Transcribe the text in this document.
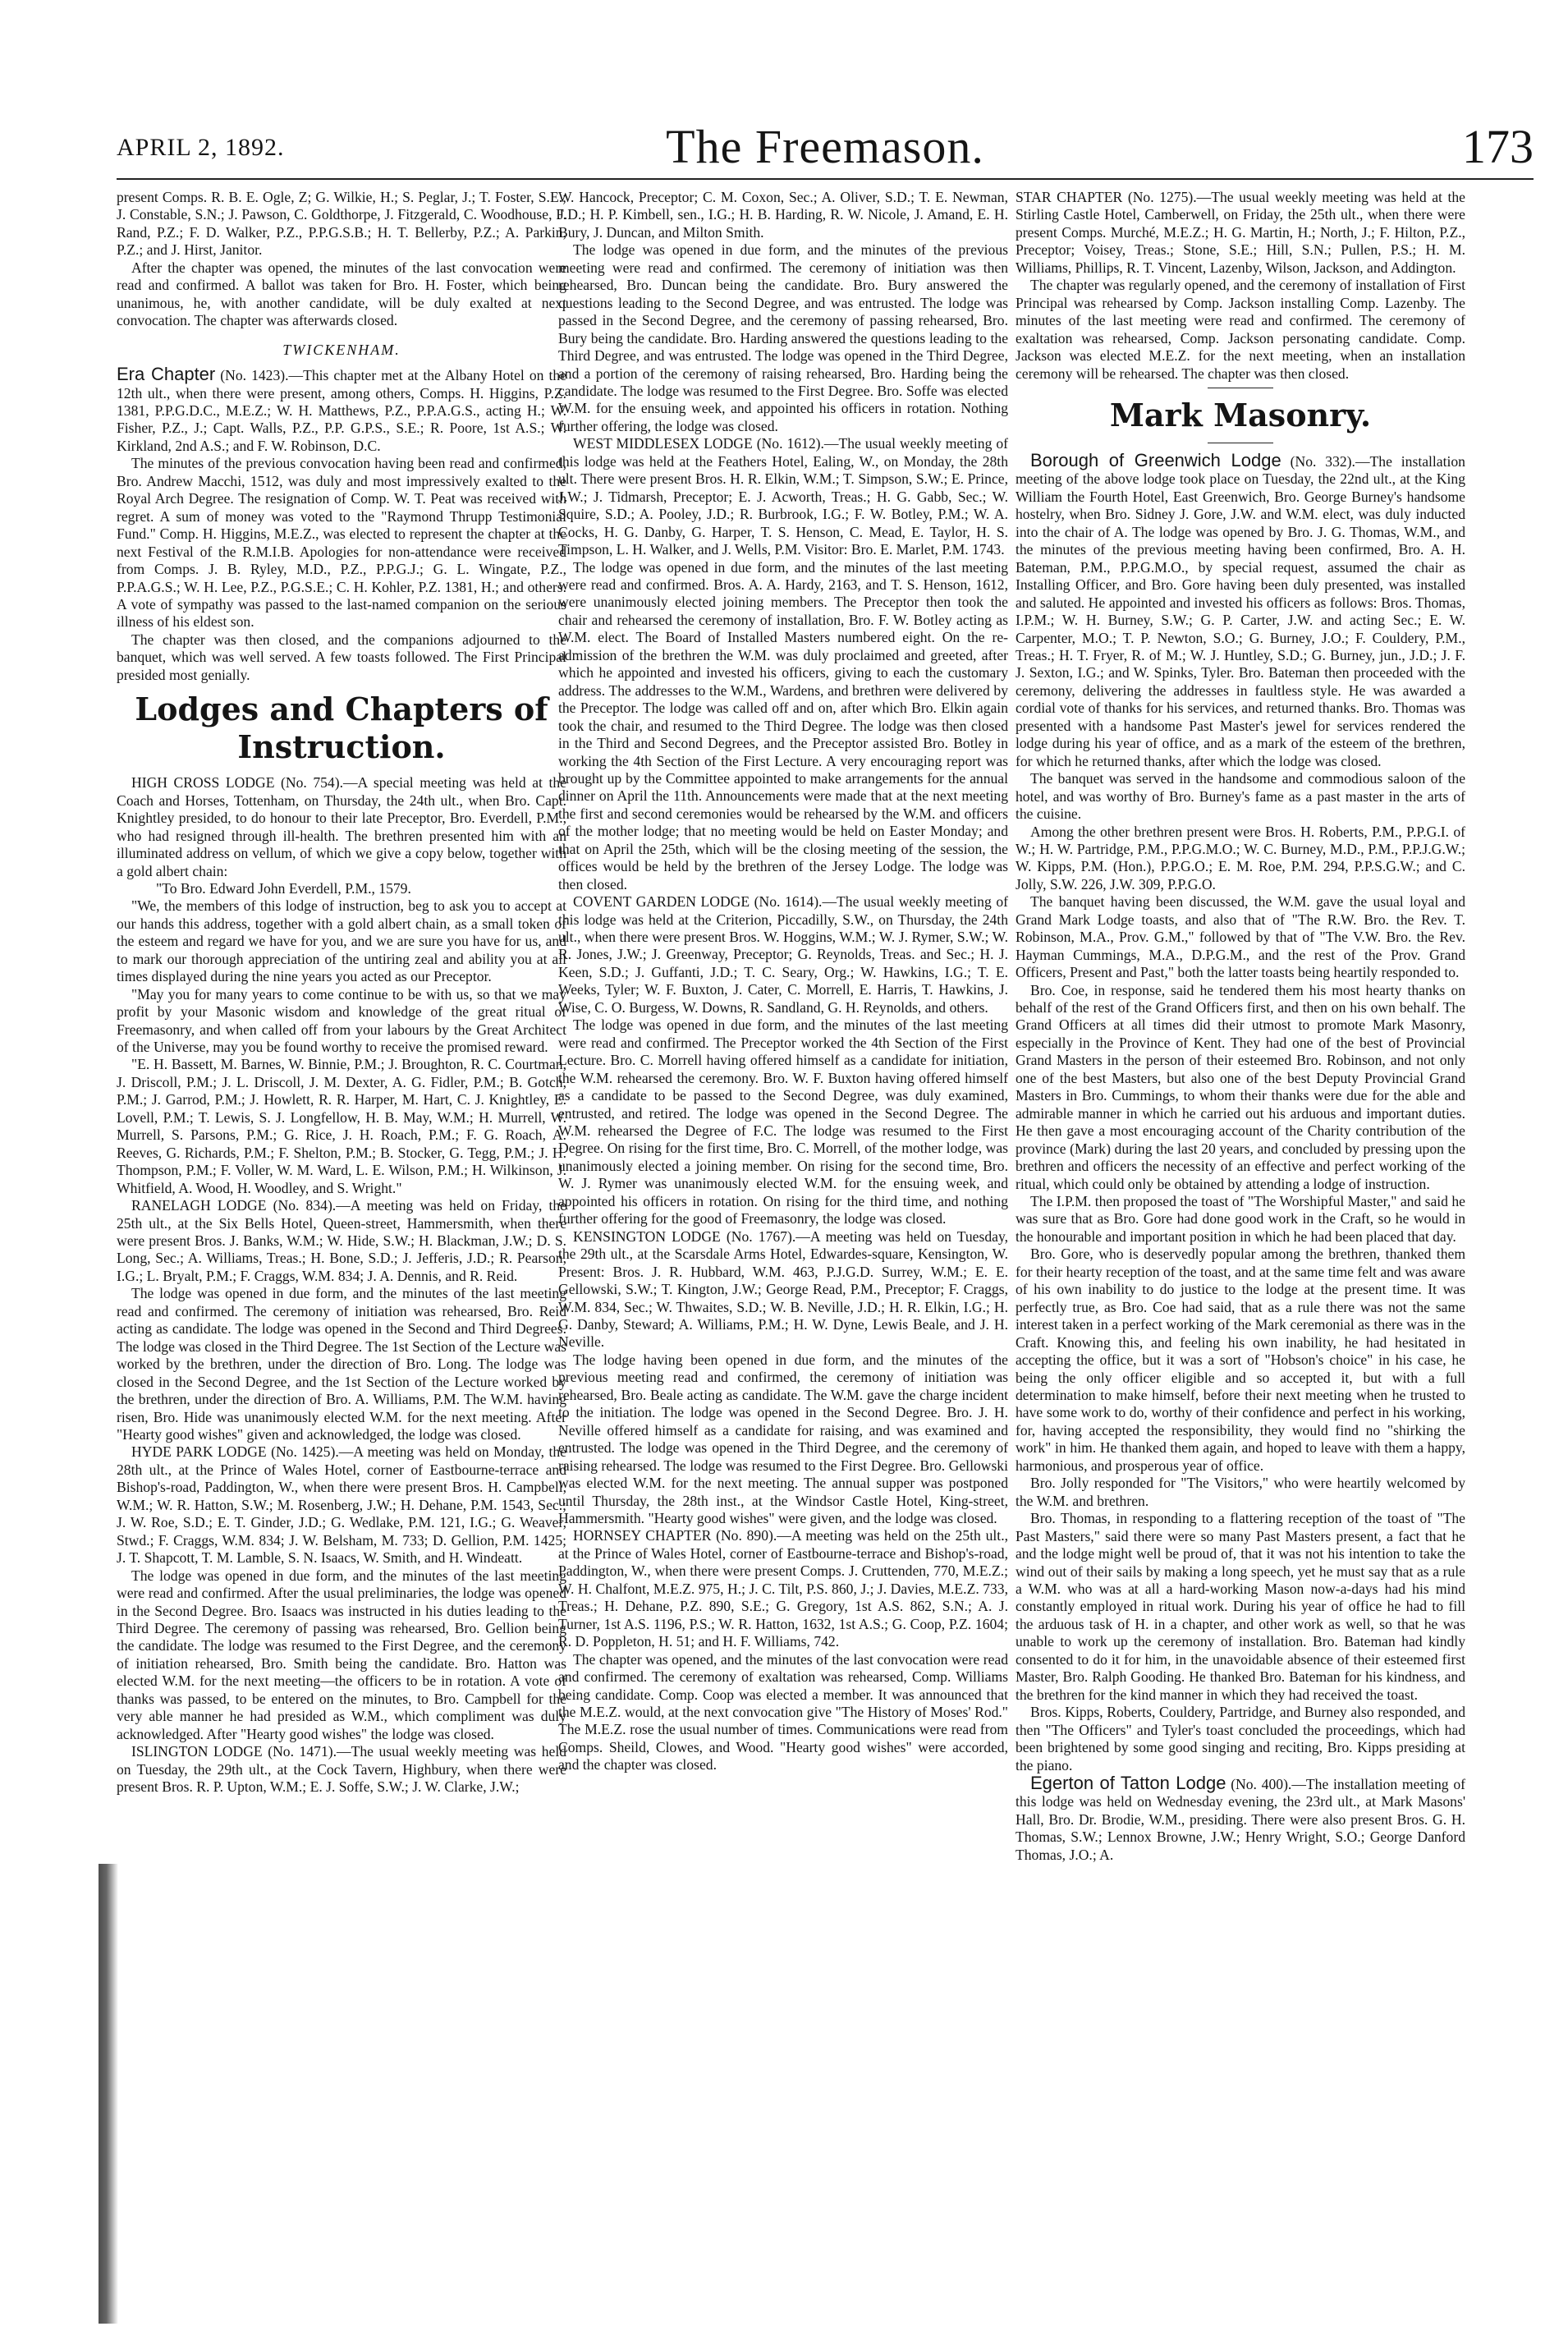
APRIL 2, 1892.	The Freemason.	173

present Comps. R. B. E. Ogle, Z; G. Wilkie, H.; S. Peglar, J.; T. Foster, S.E.; J. Constable, S.N.; J. Pawson, C. Goldthorpe, J. Fitzgerald, C. Woodhouse, F. Rand, P.Z.; F. D. Walker, P.Z., P.P.G.S.B.; H. T. Bellerby, P.Z.; A. Parkin, P.Z.; and J. Hirst, Janitor.

After the chapter was opened, the minutes of the last convocation were read and confirmed. A ballot was taken for Bro. H. Foster, which being unanimous, he, with another candidate, will be duly exalted at next convocation. The chapter was afterwards closed.

TWICKENHAM.

Era Chapter (No. 1423).—This chapter met at the Albany Hotel on the 12th ult., when there were present, among others, Comps. H. Higgins, P.Z. 1381, P.P.G.D.C., M.E.Z.; W. H. Matthews, P.Z., P.P.A.G.S., acting H.; W. Fisher, P.Z., J.; Capt. Walls, P.Z., P.P. G.P.S., S.E.; R. Poore, 1st A.S.; W. Kirkland, 2nd A.S.; and F. W. Robinson, D.C.

The minutes of the previous convocation having been read and confirmed, Bro. Andrew Macchi, 1512, was duly and most impressively exalted to the Royal Arch Degree. The resignation of Comp. W. T. Peat was received with regret. A sum of money was voted to the "Raymond Thrupp Testimonial Fund." Comp. H. Higgins, M.E.Z., was elected to represent the chapter at the next Festival of the R.M.I.B. Apologies for non-attendance were received from Comps. J. B. Ryley, M.D., P.Z., P.P.G.J.; G. L. Wingate, P.Z., P.P.A.G.S.; W. H. Lee, P.Z., P.G.S.E.; C. H. Kohler, P.Z. 1381, H.; and others. A vote of sympathy was passed to the last-named companion on the serious illness of his eldest son.

The chapter was then closed, and the companions adjourned to the banquet, which was well served. A few toasts followed. The First Principal presided most genially.

Lodges and Chapters of Instruction.

HIGH CROSS LODGE (No. 754).—A special meeting was held at the Coach and Horses, Tottenham, on Thursday, the 24th ult., when Bro. Capt. Knightley presided, to do honour to their late Preceptor, Bro. Everdell, P.M., who had resigned through ill-health. The brethren presented him with an illuminated address on vellum, of which we give a copy below, together with a gold albert chain:

"To Bro. Edward John Everdell, P.M., 1579.

"We, the members of this lodge of instruction, beg to ask you to accept at our hands this address, together with a gold albert chain, as a small token of the esteem and regard we have for you, and we are sure you have for us, and to mark our thorough appreciation of the untiring zeal and ability you at all times displayed during the nine years you acted as our Preceptor.

"May you for many years to come continue to be with us, so that we may profit by your Masonic wisdom and knowledge of the great ritual of Freemasonry, and when called off from your labours by the Great Architect of the Universe, may you be found worthy to receive the promised reward.

"E. H. Bassett, M. Barnes, W. Binnie, P.M.; J. Broughton, R. C. Courtman, J. Driscoll, P.M.; J. L. Driscoll, J. M. Dexter, A. G. Fidler, P.M.; B. Gotch, P.M.; J. Garrod, P.M.; J. Howlett, R. R. Harper, M. Hart, C. J. Knightley, E. Lovell, P.M.; T. Lewis, S. J. Longfellow, H. B. May, W.M.; H. Murrell, W. Murrell, S. Parsons, P.M.; G. Rice, J. H. Roach, P.M.; F. G. Roach, A. Reeves, G. Richards, P.M.; F. Shelton, P.M.; B. Stocker, G. Tegg, P.M.; J. H. Thompson, P.M.; F. Voller, W. M. Ward, L. E. Wilson, P.M.; H. Wilkinson, J. Whitfield, A. Wood, H. Woodley, and S. Wright."

RANELAGH LODGE (No. 834).—A meeting was held on Friday, the 25th ult., at the Six Bells Hotel, Queen-street, Hammersmith, when there were present Bros. J. Banks, W.M.; W. Hide, S.W.; H. Blackman, J.W.; D. S. Long, Sec.; A. Williams, Treas.; H. Bone, S.D.; J. Jefferis, J.D.; R. Pearson, I.G.; L. Bryalt, P.M.; F. Craggs, W.M. 834; J. A. Dennis, and R. Reid.

The lodge was opened in due form, and the minutes of the last meeting read and confirmed. The ceremony of initiation was rehearsed, Bro. Reid acting as candidate. The lodge was opened in the Second and Third Degrees. The lodge was closed in the Third Degree. The 1st Section of the Lecture was worked by the brethren, under the direction of Bro. Long. The lodge was closed in the Second Degree, and the 1st Section of the Lecture worked by the brethren, under the direction of Bro. A. Williams, P.M. The W.M. having risen, Bro. Hide was unanimously elected W.M. for the next meeting. After "Hearty good wishes" given and acknowledged, the lodge was closed.

HYDE PARK LODGE (No. 1425).—A meeting was held on Monday, the 28th ult., at the Prince of Wales Hotel, corner of Eastbourne-terrace and Bishop's-road, Paddington, W., when there were present Bros. H. Campbell, W.M.; W. R. Hatton, S.W.; M. Rosenberg, J.W.; H. Dehane, P.M. 1543, Sec.; J. W. Roe, S.D.; E. T. Ginder, J.D.; G. Wedlake, P.M. 121, I.G.; G. Weaver, Stwd.; F. Craggs, W.M. 834; J. W. Belsham, M. 733; D. Gellion, P.M. 1425; J. T. Shapcott, T. M. Lamble, S. N. Isaacs, W. Smith, and H. Windeatt.

The lodge was opened in due form, and the minutes of the last meeting were read and confirmed. After the usual preliminaries, the lodge was opened in the Second Degree. Bro. Isaacs was instructed in his duties leading to the Third Degree. The ceremony of passing was rehearsed, Bro. Gellion being the candidate. The lodge was resumed to the First Degree, and the ceremony of initiation rehearsed, Bro. Smith being the candidate. Bro. Hatton was elected W.M. for the next meeting—the officers to be in rotation. A vote of thanks was passed, to be entered on the minutes, to Bro. Campbell for the very able manner he had presided as W.M., which compliment was duly acknowledged. After "Hearty good wishes" the lodge was closed.

ISLINGTON LODGE (No. 1471).—The usual weekly meeting was held on Tuesday, the 29th ult., at the Cock Tavern, Highbury, when there were present Bros. R. P. Upton, W.M.; E. J. Soffe, S.W.; J. W. Clarke, J.W.;

W. Hancock, Preceptor; C. M. Coxon, Sec.; A. Oliver, S.D.; T. E. Newman, J.D.; H. P. Kimbell, sen., I.G.; H. B. Harding, R. W. Nicole, J. Amand, E. H. Bury, J. Duncan, and Milton Smith.

The lodge was opened in due form, and the minutes of the previous meeting were read and confirmed. The ceremony of initiation was then rehearsed, Bro. Duncan being the candidate. Bro. Bury answered the questions leading to the Second Degree, and was entrusted. The lodge was passed in the Second Degree, and the ceremony of passing rehearsed, Bro. Bury being the candidate. Bro. Harding answered the questions leading to the Third Degree, and was entrusted. The lodge was opened in the Third Degree, and a portion of the ceremony of raising rehearsed, Bro. Harding being the candidate. The lodge was resumed to the First Degree. Bro. Soffe was elected W.M. for the ensuing week, and appointed his officers in rotation. Nothing further offering, the lodge was closed.

WEST MIDDLESEX LODGE (No. 1612).—The usual weekly meeting of this lodge was held at the Feathers Hotel, Ealing, W., on Monday, the 28th ult. There were present Bros. H. R. Elkin, W.M.; T. Simpson, S.W.; E. Prince, J.W.; J. Tidmarsh, Preceptor; E. J. Acworth, Treas.; H. G. Gabb, Sec.; W. Squire, S.D.; A. Pooley, J.D.; R. Burbrook, I.G.; F. W. Botley, P.M.; W. A. Cocks, H. G. Danby, G. Harper, T. S. Henson, C. Mead, E. Taylor, H. S. Timpson, L. H. Walker, and J. Wells, P.M. Visitor: Bro. E. Marlet, P.M. 1743.

The lodge was opened in due form, and the minutes of the last meeting were read and confirmed. Bros. A. A. Hardy, 2163, and T. S. Henson, 1612, were unanimously elected joining members. The Preceptor then took the chair and rehearsed the ceremony of installation, Bro. F. W. Botley acting as W.M. elect. The Board of Installed Masters numbered eight. On the re-admission of the brethren the W.M. was duly proclaimed and greeted, after which he appointed and invested his officers, giving to each the customary address. The addresses to the W.M., Wardens, and brethren were delivered by the Preceptor. The lodge was called off and on, after which Bro. Elkin again took the chair, and resumed to the Third Degree. The lodge was then closed in the Third and Second Degrees, and the Preceptor assisted Bro. Botley in working the 4th Section of the First Lecture. A very encouraging report was brought up by the Committee appointed to make arrangements for the annual dinner on April the 11th. Announcements were made that at the next meeting the first and second ceremonies would be rehearsed by the W.M. and officers of the mother lodge; that no meeting would be held on Easter Monday; and that on April the 25th, which will be the closing meeting of the session, the offices would be held by the brethren of the Jersey Lodge. The lodge was then closed.

COVENT GARDEN LODGE (No. 1614).—The usual weekly meeting of this lodge was held at the Criterion, Piccadilly, S.W., on Thursday, the 24th ult., when there were present Bros. W. Hoggins, W.M.; W. J. Rymer, S.W.; W. R. Jones, J.W.; J. Greenway, Preceptor; G. Reynolds, Treas. and Sec.; H. J. Keen, S.D.; J. Guffanti, J.D.; T. C. Seary, Org.; W. Hawkins, I.G.; T. E. Weeks, Tyler; W. F. Buxton, J. Cater, C. Morrell, E. Harris, T. Hawkins, J. Wise, C. O. Burgess, W. Downs, R. Sandland, G. H. Reynolds, and others.

The lodge was opened in due form, and the minutes of the last meeting were read and confirmed. The Preceptor worked the 4th Section of the First Lecture. Bro. C. Morrell having offered himself as a candidate for initiation, the W.M. rehearsed the ceremony. Bro. W. F. Buxton having offered himself as a candidate to be passed to the Second Degree, was duly examined, entrusted, and retired. The lodge was opened in the Second Degree. The W.M. rehearsed the Degree of F.C. The lodge was resumed to the First Degree. On rising for the first time, Bro. C. Morrell, of the mother lodge, was unanimously elected a joining member. On rising for the second time, Bro. W. J. Rymer was unanimously elected W.M. for the ensuing week, and appointed his officers in rotation. On rising for the third time, and nothing further offering for the good of Freemasonry, the lodge was closed.

KENSINGTON LODGE (No. 1767).—A meeting was held on Tuesday, the 29th ult., at the Scarsdale Arms Hotel, Edwardes-square, Kensington, W. Present: Bros. J. R. Hubbard, W.M. 463, P.J.G.D. Surrey, W.M.; E. E. Gellowski, S.W.; T. Kington, J.W.; George Read, P.M., Preceptor; F. Craggs, W.M. 834, Sec.; W. Thwaites, S.D.; W. B. Neville, J.D.; H. R. Elkin, I.G.; H. G. Danby, Steward; A. Williams, P.M.; H. W. Dyne, Lewis Beale, and J. H. Neville.

The lodge having been opened in due form, and the minutes of the previous meeting read and confirmed, the ceremony of initiation was rehearsed, Bro. Beale acting as candidate. The W.M. gave the charge incident to the initiation. The lodge was opened in the Second Degree. Bro. J. H. Neville offered himself as a candidate for raising, and was examined and entrusted. The lodge was opened in the Third Degree, and the ceremony of raising rehearsed. The lodge was resumed to the First Degree. Bro. Gellowski was elected W.M. for the next meeting. The annual supper was postponed until Thursday, the 28th inst., at the Windsor Castle Hotel, King-street, Hammersmith. "Hearty good wishes" were given, and the lodge was closed.

HORNSEY CHAPTER (No. 890).—A meeting was held on the 25th ult., at the Prince of Wales Hotel, corner of Eastbourne-terrace and Bishop's-road, Paddington, W., when there were present Comps. J. Cruttenden, 770, M.E.Z.; W. H. Chalfont, M.E.Z. 975, H.; J. C. Tilt, P.S. 860, J.; J. Davies, M.E.Z. 733, Treas.; H. Dehane, P.Z. 890, S.E.; G. Gregory, 1st A.S. 862, S.N.; A. J. Turner, 1st A.S. 1196, P.S.; W. R. Hatton, 1632, 1st A.S.; G. Coop, P.Z. 1604; R. D. Poppleton, H. 51; and H. F. Williams, 742.

The chapter was opened, and the minutes of the last convocation were read and confirmed. The ceremony of exaltation was rehearsed, Comp. Williams being candidate. Comp. Coop was elected a member. It was announced that the M.E.Z. would, at the next convocation give "The History of Moses' Rod." The M.E.Z. rose the usual number of times. Communications were read from Comps. Sheild, Clowes, and Wood. "Hearty good wishes" were accorded, and the chapter was closed.

STAR CHAPTER (No. 1275).—The usual weekly meeting was held at the Stirling Castle Hotel, Camberwell, on Friday, the 25th ult., when there were present Comps. Murché, M.E.Z.; H. G. Martin, H.; North, J.; F. Hilton, P.Z., Preceptor; Voisey, Treas.; Stone, S.E.; Hill, S.N.; Pullen, P.S.; H. M. Williams, Phillips, R. T. Vincent, Lazenby, Wilson, Jackson, and Addington.

The chapter was regularly opened, and the ceremony of installation of First Principal was rehearsed by Comp. Jackson installing Comp. Lazenby. The minutes of the last meeting were read and confirmed. The ceremony of exaltation was rehearsed, Comp. Jackson personating candidate. Comp. Jackson was elected M.E.Z. for the next meeting, when an installation ceremony will be rehearsed. The chapter was then closed.

Mark Masonry.

Borough of Greenwich Lodge (No. 332).—The installation meeting of the above lodge took place on Tuesday, the 22nd ult., at the King William the Fourth Hotel, East Greenwich, Bro. George Burney's handsome hostelry, when Bro. Sidney J. Gore, J.W. and W.M. elect, was duly inducted into the chair of A. The lodge was opened by Bro. J. G. Thomas, W.M., and the minutes of the previous meeting having been confirmed, Bro. A. H. Bateman, P.M., P.P.G.M.O., by special request, assumed the chair as Installing Officer, and Bro. Gore having been duly presented, was installed and saluted. He appointed and invested his officers as follows: Bros. Thomas, I.P.M.; W. H. Burney, S.W.; G. P. Carter, J.W. and acting Sec.; E. W. Carpenter, M.O.; T. P. Newton, S.O.; G. Burney, J.O.; F. Couldery, P.M., Treas.; H. T. Fryer, R. of M.; W. J. Huntley, S.D.; G. Burney, jun., J.D.; J. F. J. Sexton, I.G.; and W. Spinks, Tyler. Bro. Bateman then proceeded with the ceremony, delivering the addresses in faultless style. He was awarded a cordial vote of thanks for his services, and returned thanks. Bro. Thomas was presented with a handsome Past Master's jewel for services rendered the lodge during his year of office, and as a mark of the esteem of the brethren, for which he returned thanks, after which the lodge was closed.

The banquet was served in the handsome and commodious saloon of the hotel, and was worthy of Bro. Burney's fame as a past master in the arts of the cuisine.

Among the other brethren present were Bros. H. Roberts, P.M., P.P.G.I. of W.; H. W. Partridge, P.M., P.P.G.M.O.; W. C. Burney, M.D., P.M., P.P.J.G.W.; W. Kipps, P.M. (Hon.), P.P.G.O.; E. M. Roe, P.M. 294, P.P.S.G.W.; and C. Jolly, S.W. 226, J.W. 309, P.P.G.O.

The banquet having been discussed, the W.M. gave the usual loyal and Grand Mark Lodge toasts, and also that of "The R.W. Bro. the Rev. T. Robinson, M.A., Prov. G.M.," followed by that of "The V.W. Bro. the Rev. Hayman Cummings, M.A., D.P.G.M., and the rest of the Prov. Grand Officers, Present and Past," both the latter toasts being heartily responded to.

Bro. Coe, in response, said he tendered them his most hearty thanks on behalf of the rest of the Grand Officers first, and then on his own behalf. The Grand Officers at all times did their utmost to promote Mark Masonry, especially in the Province of Kent. They had one of the best of Provincial Grand Masters in the person of their esteemed Bro. Robinson, and not only one of the best Masters, but also one of the best Deputy Provincial Grand Masters in Bro. Cummings, to whom their thanks were due for the able and admirable manner in which he carried out his arduous and important duties. He then gave a most encouraging account of the Charity contribution of the province (Mark) during the last 20 years, and concluded by pressing upon the brethren and officers the necessity of an effective and perfect working of the ritual, which could only be obtained by attending a lodge of instruction.

The I.P.M. then proposed the toast of "The Worshipful Master," and said he was sure that as Bro. Gore had done good work in the Craft, so he would in the honourable and important position in which he had been placed that day.

Bro. Gore, who is deservedly popular among the brethren, thanked them for their hearty reception of the toast, and at the same time felt and was aware of his own inability to do justice to the lodge at the present time. It was perfectly true, as Bro. Coe had said, that as a rule there was not the same interest taken in a perfect working of the Mark ceremonial as there was in the Craft. Knowing this, and feeling his own inability, he had hesitated in accepting the office, but it was a sort of "Hobson's choice" in his case, he being the only officer eligible and so accepted it, but with a full determination to make himself, before their next meeting when he trusted to have some work to do, worthy of their confidence and perfect in his working, for, having accepted the responsibility, they would find no "shirking the work" in him. He thanked them again, and hoped to leave with them a happy, harmonious, and prosperous year of office.

Bro. Jolly responded for "The Visitors," who were heartily welcomed by the W.M. and brethren.

Bro. Thomas, in responding to a flattering reception of the toast of "The Past Masters," said there were so many Past Masters present, a fact that he and the lodge might well be proud of, that it was not his intention to take the wind out of their sails by making a long speech, yet he must say that as a rule a W.M. who was at all a hard-working Mason now-a-days had his mind constantly employed in ritual work. During his year of office he had to fill the arduous task of H. in a chapter, and other work as well, so that he was unable to work up the ceremony of installation. Bro. Bateman had kindly consented to do it for him, in the unavoidable absence of their esteemed first Master, Bro. Ralph Gooding. He thanked Bro. Bateman for his kindness, and the brethren for the kind manner in which they had received the toast.

Bros. Kipps, Roberts, Couldery, Partridge, and Burney also responded, and then "The Officers" and Tyler's toast concluded the proceedings, which had been brightened by some good singing and reciting, Bro. Kipps presiding at the piano.

Egerton of Tatton Lodge (No. 400).—The installation meeting of this lodge was held on Wednesday evening, the 23rd ult., at Mark Masons' Hall, Bro. Dr. Brodie, W.M., presiding. There were also present Bros. G. H. Thomas, S.W.; Lennox Browne, J.W.; Henry Wright, S.O.; George Danford Thomas, J.O.; A.
